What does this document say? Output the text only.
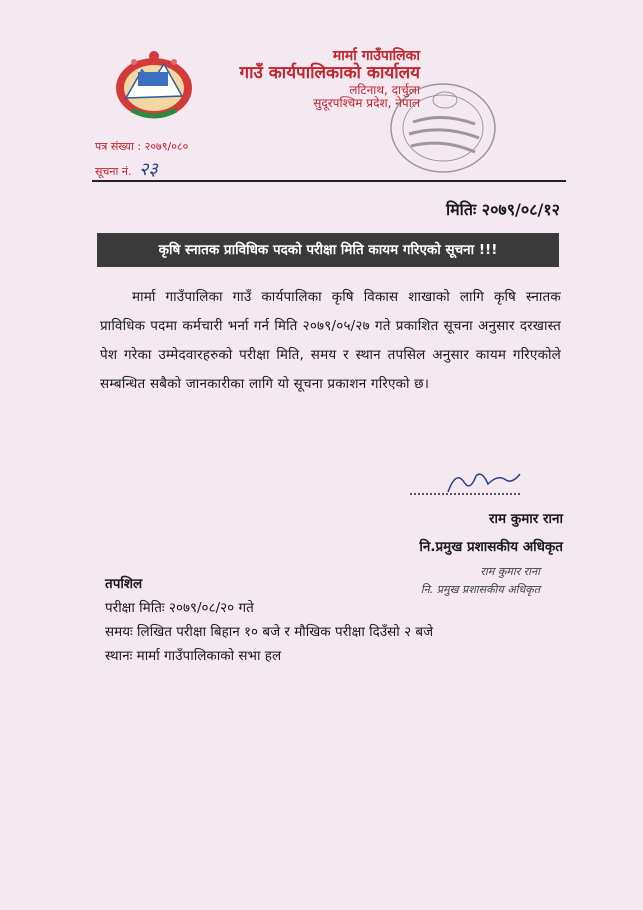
मार्मा गाउँपालिका
गाउँ कार्यपालिकाको कार्यालय
लटिनाथ, दार्चुला
सुदूरपश्चिम प्रदेश, नेपाल
पत्र संख्या : २०७९/०८०
सूचना नं. २३
मितिः २०७९/०८/१२
कृषि स्नातक प्राविधिक पदको परीक्षा मिति कायम गरिएको सूचना !!!
मार्मा गाउँपालिका गाउँ कार्यपालिका कृषि विकास शाखाको लागि कृषि स्नातक प्राविधिक पदमा कर्मचारी भर्ना गर्न मिति २०७९/०५/२७ गते प्रकाशित सूचना अनुसार दरखास्त पेश गरेका उम्मेदवारहरुको परीक्षा मिति, समय र स्थान तपसिल अनुसार कायम गरिएकोले सम्बन्धित सबैको जानकारीका लागि यो सूचना प्रकाशन गरिएको छ।
राम कुमार राना
नि.प्रमुख प्रशासकीय अधिकृत
राम कुमार राना
नि. प्रमुख प्रशासकीय अधिकृत
तपशिल
परीक्षा मितिः २०७९/०८/२० गते
समयः लिखित परीक्षा बिहान १० बजे र मौखिक परीक्षा दिउँसो २ बजे
स्थानः मार्मा गाउँपालिकाको सभा हल
